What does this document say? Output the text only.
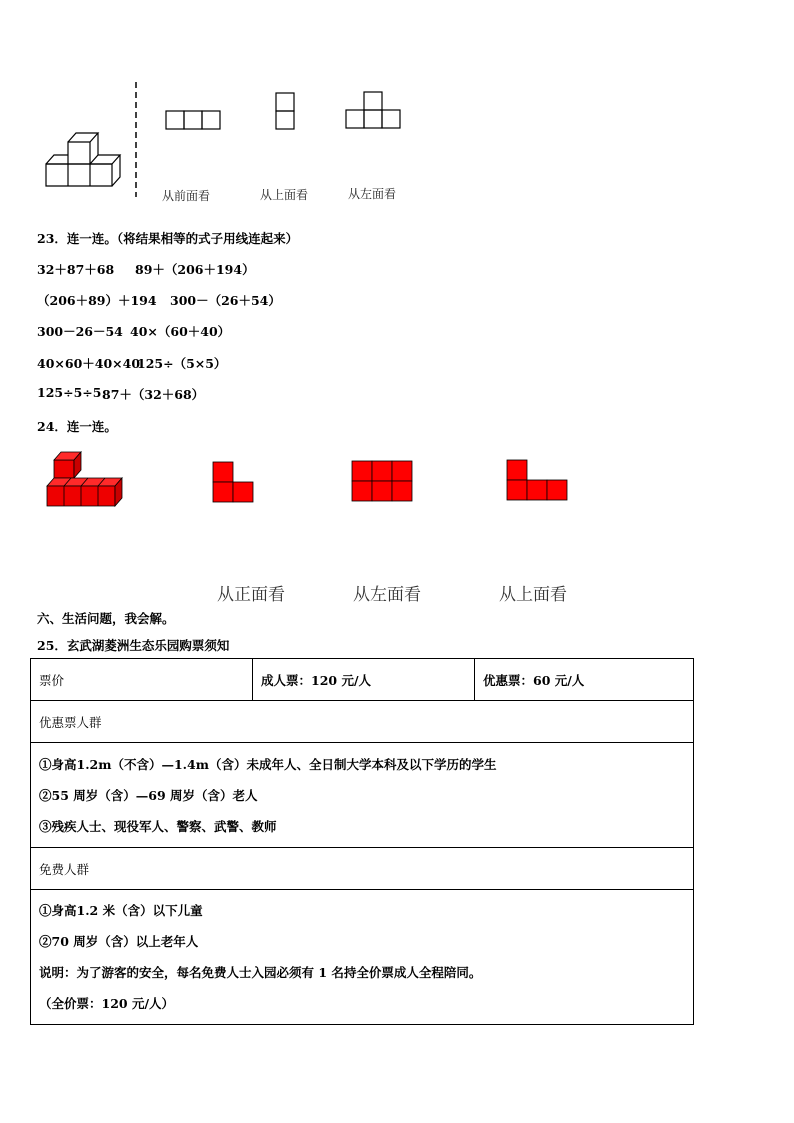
从前面看	从上面看	从左面看
23．连一连。（将结果相等的式子用线连起来）
32＋87＋68 89＋（206＋194）
（206＋89）＋194 300－（26＋54）
300－26－54 40×（60＋40）
40×60＋40×40
125÷（5×5）
125÷5÷5 87＋（32＋68）
24．连一连。
从正面看	从左面看	从上面看
六、生活问题，我会解。
25．玄武湖菱洲生态乐园购票须知
票价	成人票：120 元/人	优惠票：60 元/人
优惠票人群

①身高1.2m（不含）—1.4m（含）未成年人、全日制大学本科及以下学历的学生
②55 周岁（含）—69 周岁（含）老人
③残疾人士、现役军人、警察、武警、教师

免费人群

①身高1.2 米（含）以下儿童
②70 周岁（含）以上老年人
说明：为了游客的安全，每名免费人士入园必须有 1 名持全价票成人全程陪同。
（全价票：120 元/人）
